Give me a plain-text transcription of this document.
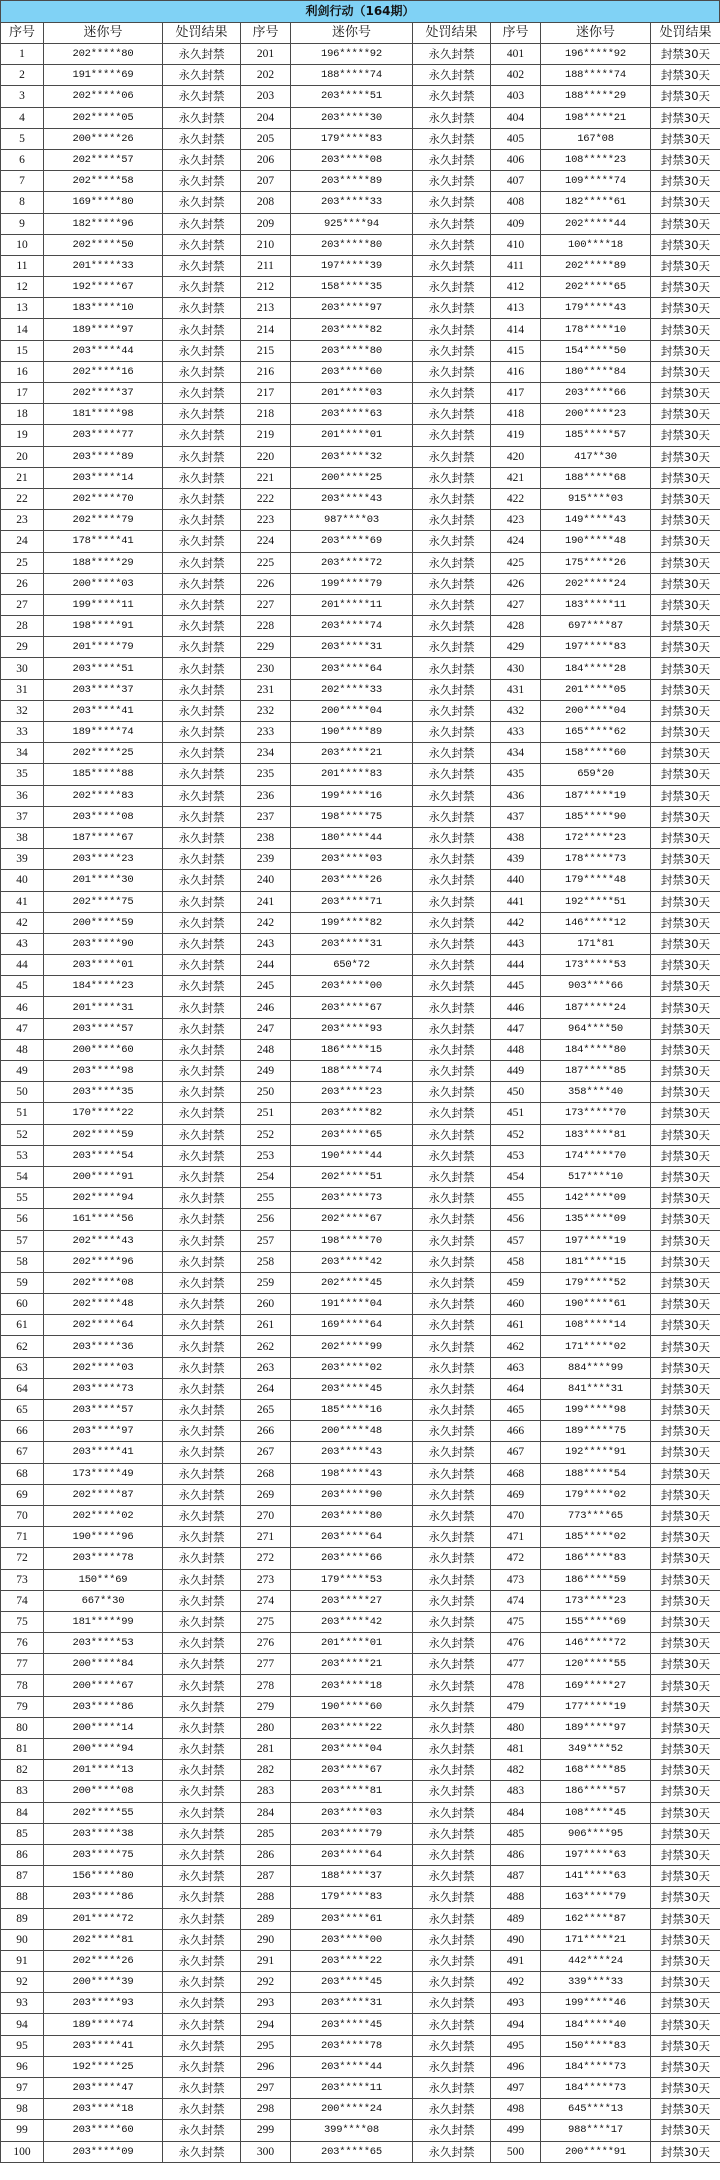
利剑行动（164期）
序号	迷你号	处罚结果	序号	迷你号	处罚结果	序号	迷你号	处罚结果
1	202*****80	永久封禁	201	196*****92	永久封禁	401	196*****92	封禁30天
2	191*****69	永久封禁	202	188*****74	永久封禁	402	188*****74	封禁30天
3	202*****06	永久封禁	203	203*****51	永久封禁	403	188*****29	封禁30天
4	202*****05	永久封禁	204	203*****30	永久封禁	404	198*****21	封禁30天
5	200*****26	永久封禁	205	179*****83	永久封禁	405	167*08	封禁30天
6	202*****57	永久封禁	206	203*****08	永久封禁	406	108*****23	封禁30天
7	202*****58	永久封禁	207	203*****89	永久封禁	407	109*****74	封禁30天
8	169*****80	永久封禁	208	203*****33	永久封禁	408	182*****61	封禁30天
9	182*****96	永久封禁	209	925****94	永久封禁	409	202*****44	封禁30天
10	202*****50	永久封禁	210	203*****80	永久封禁	410	100****18	封禁30天
11	201*****33	永久封禁	211	197*****39	永久封禁	411	202*****89	封禁30天
12	192*****67	永久封禁	212	158*****35	永久封禁	412	202*****65	封禁30天
13	183*****10	永久封禁	213	203*****97	永久封禁	413	179*****43	封禁30天
14	189*****97	永久封禁	214	203*****82	永久封禁	414	178*****10	封禁30天
15	203*****44	永久封禁	215	203*****80	永久封禁	415	154*****50	封禁30天
16	202*****16	永久封禁	216	203*****60	永久封禁	416	180*****84	封禁30天
17	202*****37	永久封禁	217	201*****03	永久封禁	417	203*****66	封禁30天
18	181*****98	永久封禁	218	203*****63	永久封禁	418	200*****23	封禁30天
19	203*****77	永久封禁	219	201*****01	永久封禁	419	185*****57	封禁30天
20	203*****89	永久封禁	220	203*****32	永久封禁	420	417**30	封禁30天
21	203*****14	永久封禁	221	200*****25	永久封禁	421	188*****68	封禁30天
22	202*****70	永久封禁	222	203*****43	永久封禁	422	915****03	封禁30天
23	202*****79	永久封禁	223	987****03	永久封禁	423	149*****43	封禁30天
24	178*****41	永久封禁	224	203*****69	永久封禁	424	190*****48	封禁30天
25	188*****29	永久封禁	225	203*****72	永久封禁	425	175*****26	封禁30天
26	200*****03	永久封禁	226	199*****79	永久封禁	426	202*****24	封禁30天
27	199*****11	永久封禁	227	201*****11	永久封禁	427	183*****11	封禁30天
28	198*****91	永久封禁	228	203*****74	永久封禁	428	697****87	封禁30天
29	201*****79	永久封禁	229	203*****31	永久封禁	429	197*****83	封禁30天
30	203*****51	永久封禁	230	203*****64	永久封禁	430	184*****28	封禁30天
31	203*****37	永久封禁	231	202*****33	永久封禁	431	201*****05	封禁30天
32	203*****41	永久封禁	232	200*****04	永久封禁	432	200*****04	封禁30天
33	189*****74	永久封禁	233	190*****89	永久封禁	433	165*****62	封禁30天
34	202*****25	永久封禁	234	203*****21	永久封禁	434	158*****60	封禁30天
35	185*****88	永久封禁	235	201*****83	永久封禁	435	659*20	封禁30天
36	202*****83	永久封禁	236	199*****16	永久封禁	436	187*****19	封禁30天
37	203*****08	永久封禁	237	198*****75	永久封禁	437	185*****90	封禁30天
38	187*****67	永久封禁	238	180*****44	永久封禁	438	172*****23	封禁30天
39	203*****23	永久封禁	239	203*****03	永久封禁	439	178*****73	封禁30天
40	201*****30	永久封禁	240	203*****26	永久封禁	440	179*****48	封禁30天
41	202*****75	永久封禁	241	203*****71	永久封禁	441	192*****51	封禁30天
42	200*****59	永久封禁	242	199*****82	永久封禁	442	146*****12	封禁30天
43	203*****90	永久封禁	243	203*****31	永久封禁	443	171*81	封禁30天
44	203*****01	永久封禁	244	650*72	永久封禁	444	173*****53	封禁30天
45	184*****23	永久封禁	245	203*****00	永久封禁	445	903****66	封禁30天
46	201*****31	永久封禁	246	203*****67	永久封禁	446	187*****24	封禁30天
47	203*****57	永久封禁	247	203*****93	永久封禁	447	964****50	封禁30天
48	200*****60	永久封禁	248	186*****15	永久封禁	448	184*****80	封禁30天
49	203*****98	永久封禁	249	188*****74	永久封禁	449	187*****85	封禁30天
50	203*****35	永久封禁	250	203*****23	永久封禁	450	358****40	封禁30天
51	170*****22	永久封禁	251	203*****82	永久封禁	451	173*****70	封禁30天
52	202*****59	永久封禁	252	203*****65	永久封禁	452	183*****81	封禁30天
53	203*****54	永久封禁	253	190*****44	永久封禁	453	174*****70	封禁30天
54	200*****91	永久封禁	254	202*****51	永久封禁	454	517****10	封禁30天
55	202*****94	永久封禁	255	203*****73	永久封禁	455	142*****09	封禁30天
56	161*****56	永久封禁	256	202*****67	永久封禁	456	135*****09	封禁30天
57	202*****43	永久封禁	257	198*****70	永久封禁	457	197*****19	封禁30天
58	202*****96	永久封禁	258	203*****42	永久封禁	458	181*****15	封禁30天
59	202*****08	永久封禁	259	202*****45	永久封禁	459	179*****52	封禁30天
60	202*****48	永久封禁	260	191*****04	永久封禁	460	190*****61	封禁30天
61	202*****64	永久封禁	261	169*****64	永久封禁	461	108*****14	封禁30天
62	203*****36	永久封禁	262	202*****99	永久封禁	462	171*****02	封禁30天
63	202*****03	永久封禁	263	203*****02	永久封禁	463	884****99	封禁30天
64	203*****73	永久封禁	264	203*****45	永久封禁	464	841****31	封禁30天
65	203*****57	永久封禁	265	185*****16	永久封禁	465	199*****98	封禁30天
66	203*****97	永久封禁	266	200*****48	永久封禁	466	189*****75	封禁30天
67	203*****41	永久封禁	267	203*****43	永久封禁	467	192*****91	封禁30天
68	173*****49	永久封禁	268	198*****43	永久封禁	468	188*****54	封禁30天
69	202*****87	永久封禁	269	203*****90	永久封禁	469	179*****02	封禁30天
70	202*****02	永久封禁	270	203*****80	永久封禁	470	773****65	封禁30天
71	190*****96	永久封禁	271	203*****64	永久封禁	471	185*****02	封禁30天
72	203*****78	永久封禁	272	203*****66	永久封禁	472	186*****83	封禁30天
73	150***69	永久封禁	273	179*****53	永久封禁	473	186*****59	封禁30天
74	667**30	永久封禁	274	203*****27	永久封禁	474	173*****23	封禁30天
75	181*****99	永久封禁	275	203*****42	永久封禁	475	155*****69	封禁30天
76	203*****53	永久封禁	276	201*****01	永久封禁	476	146*****72	封禁30天
77	200*****84	永久封禁	277	203*****21	永久封禁	477	120*****55	封禁30天
78	200*****67	永久封禁	278	203*****18	永久封禁	478	169*****27	封禁30天
79	203*****86	永久封禁	279	190*****60	永久封禁	479	177*****19	封禁30天
80	200*****14	永久封禁	280	203*****22	永久封禁	480	189*****97	封禁30天
81	200*****94	永久封禁	281	203*****04	永久封禁	481	349****52	封禁30天
82	201*****13	永久封禁	282	203*****67	永久封禁	482	168*****85	封禁30天
83	200*****08	永久封禁	283	203*****81	永久封禁	483	186*****57	封禁30天
84	202*****55	永久封禁	284	203*****03	永久封禁	484	108*****45	封禁30天
85	203*****38	永久封禁	285	203*****79	永久封禁	485	906****95	封禁30天
86	203*****75	永久封禁	286	203*****64	永久封禁	486	197*****63	封禁30天
87	156*****80	永久封禁	287	188*****37	永久封禁	487	141*****63	封禁30天
88	203*****86	永久封禁	288	179*****83	永久封禁	488	163*****79	封禁30天
89	201*****72	永久封禁	289	203*****61	永久封禁	489	162*****87	封禁30天
90	202*****81	永久封禁	290	203*****00	永久封禁	490	171*****21	封禁30天
91	202*****26	永久封禁	291	203*****22	永久封禁	491	442****24	封禁30天
92	200*****39	永久封禁	292	203*****45	永久封禁	492	339****33	封禁30天
93	203*****93	永久封禁	293	203*****31	永久封禁	493	199*****46	封禁30天
94	189*****74	永久封禁	294	203*****45	永久封禁	494	184*****40	封禁30天
95	203*****41	永久封禁	295	203*****78	永久封禁	495	150*****83	封禁30天
96	192*****25	永久封禁	296	203*****44	永久封禁	496	184*****73	封禁30天
97	203*****47	永久封禁	297	203*****11	永久封禁	497	184*****73	封禁30天
98	203*****18	永久封禁	298	200*****24	永久封禁	498	645****13	封禁30天
99	203*****60	永久封禁	299	399****08	永久封禁	499	988****17	封禁30天
100	203*****09	永久封禁	300	203*****65	永久封禁	500	200*****91	封禁30天
